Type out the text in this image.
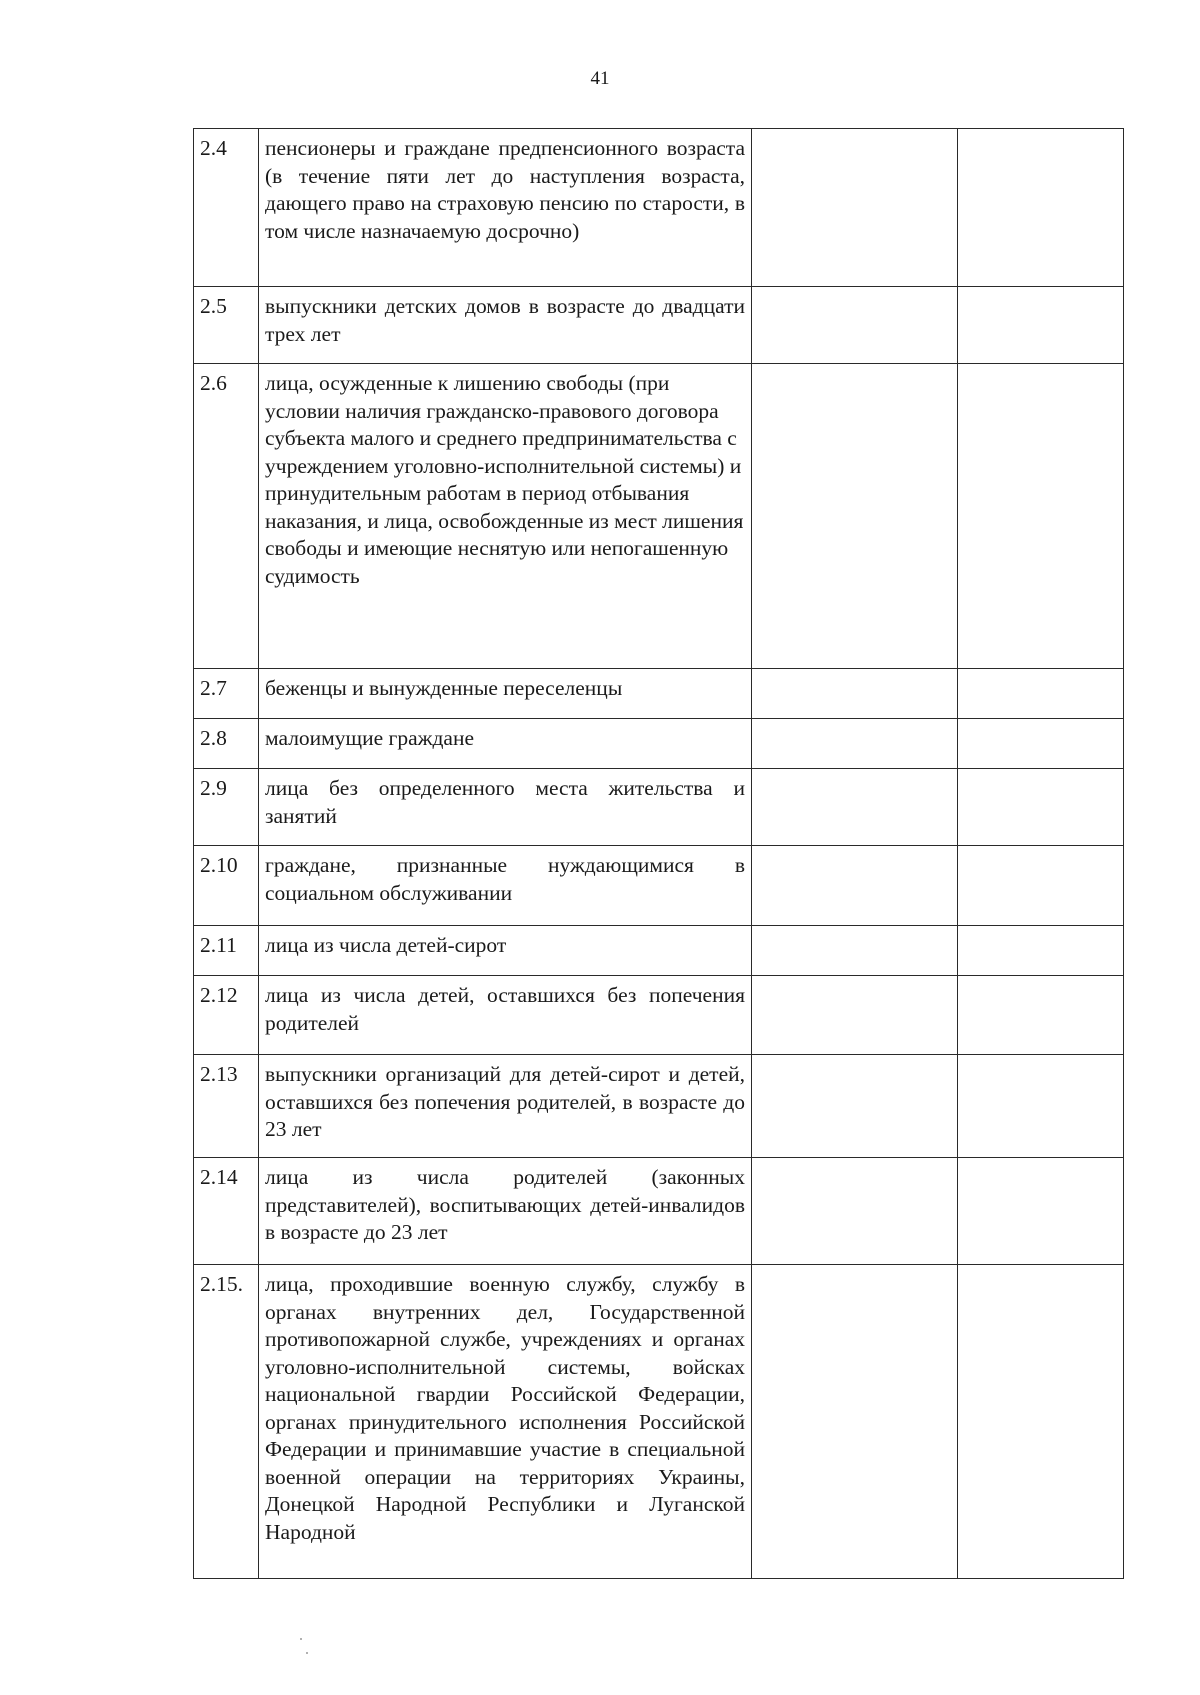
41
2.4	пенсионеры и граждане предпенсионного возраста (в течение пяти лет до наступления возраста, дающего право на страховую пенсию по старости, в том числе назначаемую досрочно)		
2.5	выпускники детских домов в возрасте до двадцати трех лет		
2.6	лица, осужденные к лишению свободы (при условии наличия гражданско-правового договора субъекта малого и среднего предпринимательства с учреждением уголовно-исполнительной системы) и принудительным работам в период отбывания наказания, и лица, освобожденные из мест лишения свободы и имеющие неснятую или непогашенную судимость		
2.7	беженцы и вынужденные переселенцы		
2.8	малоимущие граждане		
2.9	лица без определенного места жительства и занятий		
2.10	граждане, признанные нуждающимися в социальном обслуживании		
2.11	лица из числа детей-сирот		
2.12	лица из числа детей, оставшихся без попечения родителей		
2.13	выпускники организаций для детей-сирот и детей, оставшихся без попечения родителей, в возрасте до 23 лет		
2.14	лица из числа родителей (законных представителей), воспитывающих детей-инвалидов в возрасте до 23 лет		
2.15.	лица, проходившие военную службу, службу в органах внутренних дел, Государственной противопожарной службе, учреждениях и органах уголовно-исполнительной системы, войсках национальной гвардии Российской Федерации, органах принудительного исполнения Российской Федерации и принимавшие участие в специальной военной операции на территориях Украины, Донецкой Народной Республики и Луганской Народной		
